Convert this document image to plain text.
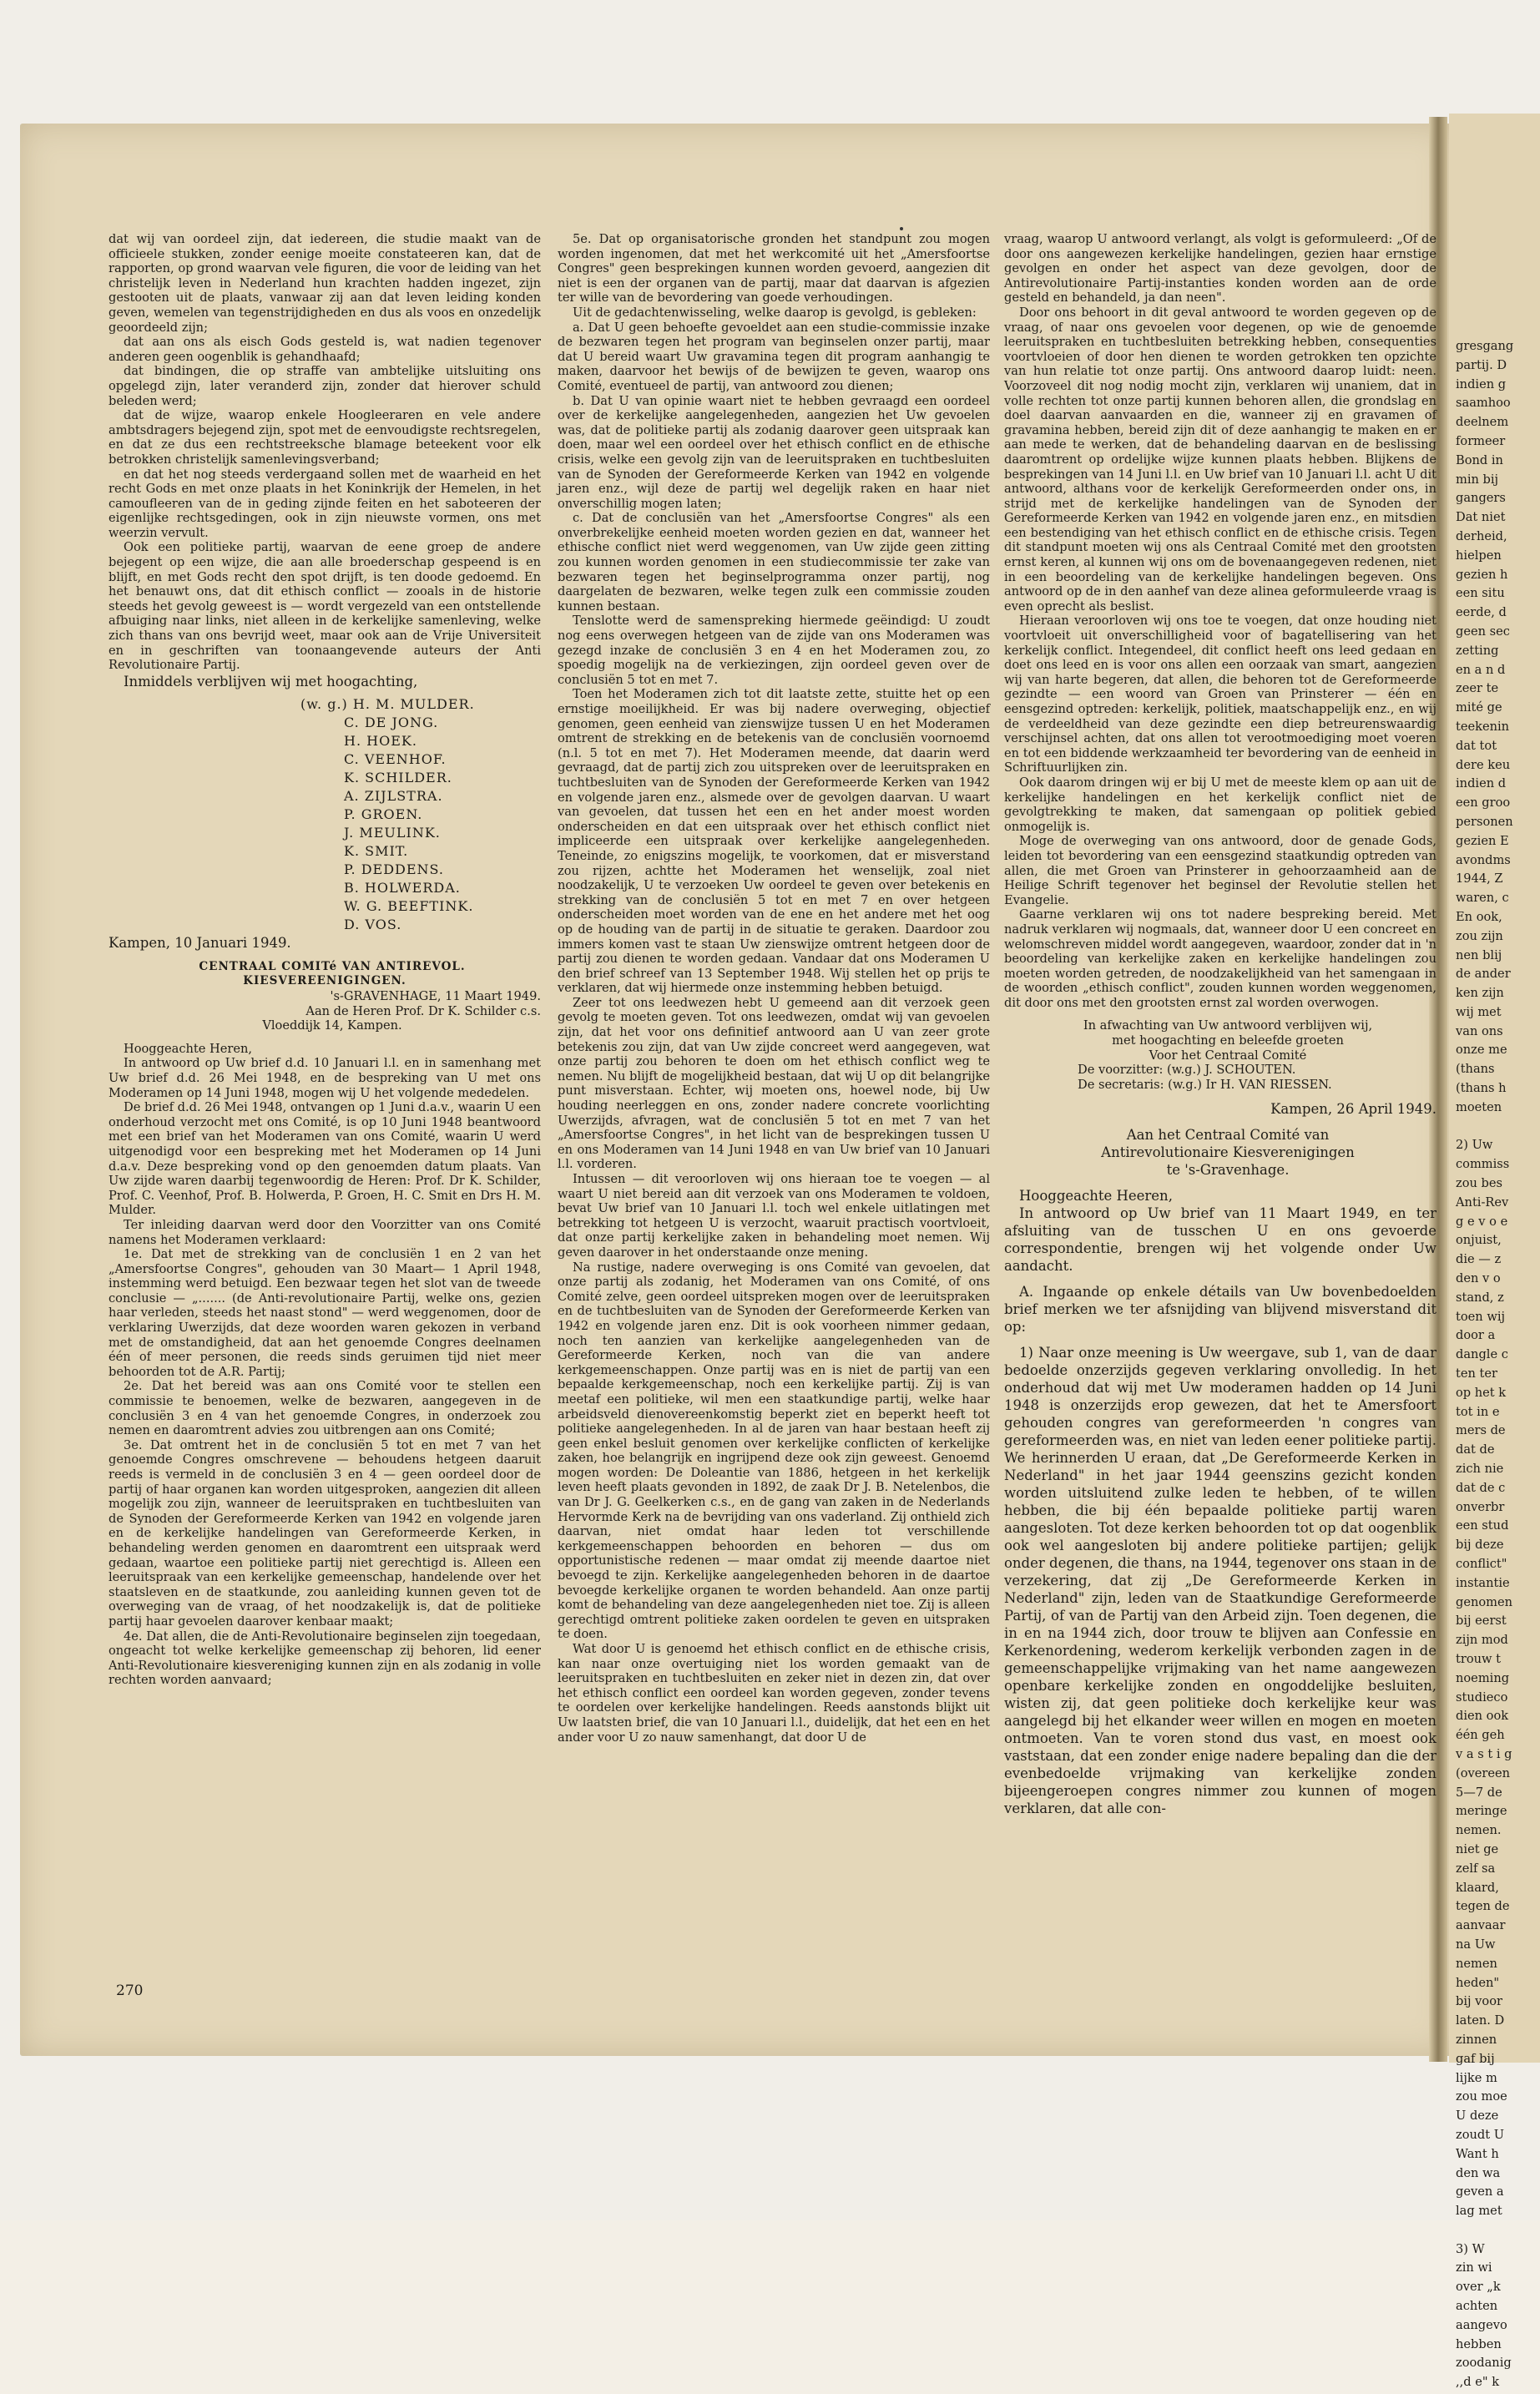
gresgang
partij. D
indien g
saamhoo
deelnem
formeer
Bond in
min bij
gangers
Dat niet
derheid,
hielpen
gezien h
een situ
eerde, d
geen sec
zetting
en a n d
zeer te
mité ge
teekenin
dat tot
dere keu
indien d
een groo
personen
gezien E
avondms
1944, Z
waren, c
En ook,
zou zijn
nen blij
de ander
ken zijn
wij met
van ons
onze me
(thans
(thans h
moeten
2) Uw
commiss
zou bes
Anti-Rev
g e v o e
onjuist,
die — z
den v o
stand, z
toen wij
door a
dangle c
ten ter
op het k
tot in e
mers de
dat de
zich nie
dat de c
onverbr
een stud
bij deze
conflict"
instantie
genomen
bij eerst
zijn mod
trouw t
noeming
studieco
dien ook
één geh
v a s t i g
(overeen
5—7 de
meringe
nemen.
niet ge
zelf sa
klaard,
tegen de
aanvaar
na Uw
nemen
heden"
bij voor
laten. D
zinnen
gaf bij
lijke m
zou moe
U deze
zoudt U
Want h
den wa
geven a
lag met
3) W
zin wi
over „k
achten
aangevo
hebben
zoodanig
,,d e" k

dat wij van oordeel zijn, dat iedereen, die studie maakt van de officieele stukken, zonder eenige moeite constateeren kan, dat de rapporten, op grond waarvan vele figuren, die voor de leiding van het christelijk leven in Nederland hun krachten hadden ingezet, zijn gestooten uit de plaats, vanwaar zij aan dat leven leiding konden geven, wemelen van tegenstrijdigheden en dus als voos en onzedelijk geoordeeld zijn;

dat aan ons als eisch Gods gesteld is, wat nadien tegenover anderen geen oogenblik is gehandhaafd;

dat bindingen, die op straffe van ambtelijke uitsluiting ons opgelegd zijn, later veranderd zijn, zonder dat hierover schuld beleden werd;

dat de wijze, waarop enkele Hoogleeraren en vele andere ambtsdragers bejegend zijn, spot met de eenvoudigste rechtsregelen, en dat ze dus een rechtstreeksche blamage beteekent voor elk betrokken christelijk samenlevingsverband;

en dat het nog steeds verdergaand sollen met de waarheid en het recht Gods en met onze plaats in het Koninkrijk der Hemelen, in het camoufleeren van de in geding zijnde feiten en het saboteeren der eigenlijke rechtsgedingen, ook in zijn nieuwste vormen, ons met weerzin vervult.

Ook een politieke partij, waarvan de eene groep de andere bejegent op een wijze, die aan alle broederschap gespeend is en blijft, en met Gods recht den spot drijft, is ten doode gedoemd. En het benauwt ons, dat dit ethisch conflict — zooals in de historie steeds het gevolg geweest is — wordt vergezeld van een ontstellende afbuiging naar links, niet alleen in de kerkelijke samenleving, welke zich thans van ons bevrijd weet, maar ook aan de Vrije Universiteit en in geschriften van toonaangevende auteurs der Anti Revolutionaire Partij.

Inmiddels verblijven wij met hoogachting,

(w. g.) H. M. MULDER.
C. DE JONG.
H. HOEK.
C. VEENHOF.
K. SCHILDER.
A. ZIJLSTRA.
P. GROEN.
J. MEULINK.
K. SMIT.
P. DEDDENS.
B. HOLWERDA.
W. G. BEEFTINK.
D. VOS.

Kampen, 10 Januari 1949.

CENTRAAL COMITé VAN ANTIREVOL. KIESVEREENIGINGEN.

's-GRAVENHAGE, 11 Maart 1949.

Aan de Heren Prof. Dr K. Schilder c.s.

Vloeddijk 14, Kampen.

Hooggeachte Heren,

In antwoord op Uw brief d.d. 10 Januari l.l. en in samenhang met Uw brief d.d. 26 Mei 1948, en de bespreking van U met ons Moderamen op 14 Juni 1948, mogen wij U het volgende mededelen.

De brief d.d. 26 Mei 1948, ontvangen op 1 Juni d.a.v., waarin U een onderhoud verzocht met ons Comité, is op 10 Juni 1948 beantwoord met een brief van het Moderamen van ons Comité, waarin U werd uitgenodigd voor een bespreking met het Moderamen op 14 Juni d.a.v. Deze bespreking vond op den genoemden datum plaats. Van Uw zijde waren daarbij tegenwoordig de Heren: Prof. Dr K. Schilder, Prof. C. Veenhof, Prof. B. Holwerda, P. Groen, H. C. Smit en Drs H. M. Mulder.

Ter inleiding daarvan werd door den Voorzitter van ons Comité namens het Moderamen verklaard:

1e. Dat met de strekking van de conclusiën 1 en 2 van het „Amersfoortse Congres", gehouden van 30 Maart— 1 April 1948, instemming werd betuigd. Een bezwaar tegen het slot van de tweede conclusie — „....... (de Anti-revolutionaire Partij, welke ons, gezien haar verleden, steeds het naast stond" — werd weggenomen, door de verklaring Uwerzijds, dat deze woorden waren gekozen in verband met de omstandigheid, dat aan het genoemde Congres deelnamen één of meer personen, die reeds sinds geruimen tijd niet meer behoorden tot de A.R. Partij;

2e. Dat het bereid was aan ons Comité voor te stellen een commissie te benoemen, welke de bezwaren, aangegeven in de conclusiën 3 en 4 van het genoemde Congres, in onderzoek zou nemen en daaromtrent advies zou uitbrengen aan ons Comité;

3e. Dat omtrent het in de conclusiën 5 tot en met 7 van het genoemde Congres omschrevene — behoudens hetgeen daaruit reeds is vermeld in de conclusiën 3 en 4 — geen oordeel door de partij of haar organen kan worden uitgesproken, aangezien dit alleen mogelijk zou zijn, wanneer de leeruitspraken en tuchtbesluiten van de Synoden der Gereformeerde Kerken van 1942 en volgende jaren en de kerkelijke handelingen van Gereformeerde Kerken, in behandeling werden genomen en daaromtrent een uitspraak werd gedaan, waartoe een politieke partij niet gerechtigd is. Alleen een leeruitspraak van een kerkelijke gemeenschap, handelende over het staatsleven en de staatkunde, zou aanleiding kunnen geven tot de overweging van de vraag, of het noodzakelijk is, dat de politieke partij haar gevoelen daarover kenbaar maakt;

4e. Dat allen, die de Anti-Revolutionaire beginselen zijn toegedaan, ongeacht tot welke kerkelijke gemeenschap zij behoren, lid eener Anti-Revolutionaire kiesvereniging kunnen zijn en als zodanig in volle rechten worden aanvaard;

5e. Dat op organisatorische gronden het standpunt zou mogen worden ingenomen, dat met het werkcomité uit het „Amersfoortse Congres" geen besprekingen kunnen worden gevoerd, aangezien dit niet is een der organen van de partij, maar dat daarvan is afgezien ter wille van de bevordering van goede verhoudingen.

Uit de gedachtenwisseling, welke daarop is gevolgd, is gebleken:

a. Dat U geen behoefte gevoeldet aan een studie-commissie inzake de bezwaren tegen het program van beginselen onzer partij, maar dat U bereid waart Uw gravamina tegen dit program aanhangig te maken, daarvoor het bewijs of de bewijzen te geven, waarop ons Comité, eventueel de partij, van antwoord zou dienen;

b. Dat U van opinie waart niet te hebben gevraagd een oordeel over de kerkelijke aangelegenheden, aangezien het Uw gevoelen was, dat de politieke partij als zodanig daarover geen uitspraak kan doen, maar wel een oordeel over het ethisch conflict en de ethische crisis, welke een gevolg zijn van de leeruitspraken en tuchtbesluiten van de Synoden der Gereformeerde Kerken van 1942 en volgende jaren enz., wijl deze de partij wel degelijk raken en haar niet onverschillig mogen laten;

c. Dat de conclusiën van het „Amersfoortse Congres" als een onverbrekelijke eenheid moeten worden gezien en dat, wanneer het ethische conflict niet werd weggenomen, van Uw zijde geen zitting zou kunnen worden genomen in een studiecommissie ter zake van bezwaren tegen het beginselprogramma onzer partij, nog daargelaten de bezwaren, welke tegen zulk een commissie zouden kunnen bestaan.

Tenslotte werd de samenspreking hiermede geëindigd: U zoudt nog eens overwegen hetgeen van de zijde van ons Moderamen was gezegd inzake de conclusiën 3 en 4 en het Moderamen zou, zo spoedig mogelijk na de verkiezingen, zijn oordeel geven over de conclusiën 5 tot en met 7.

Toen het Moderamen zich tot dit laatste zette, stuitte het op een ernstige moeilijkheid. Er was bij nadere overweging, objectief genomen, geen eenheid van zienswijze tussen U en het Moderamen omtrent de strekking en de betekenis van de conclusiën voornoemd (n.l. 5 tot en met 7). Het Moderamen meende, dat daarin werd gevraagd, dat de partij zich zou uitspreken over de leeruitspraken en tuchtbesluiten van de Synoden der Gereformeerde Kerken van 1942 en volgende jaren enz., alsmede over de gevolgen daarvan. U waart van gevoelen, dat tussen het een en het ander moest worden onderscheiden en dat een uitspraak over het ethisch conflict niet impliceerde een uitspraak over kerkelijke aangelegenheden. Teneinde, zo enigszins mogelijk, te voorkomen, dat er misverstand zou rijzen, achtte het Moderamen het wenselijk, zoal niet noodzakelijk, U te verzoeken Uw oordeel te geven over betekenis en strekking van de conclusiën 5 tot en met 7 en over hetgeen onderscheiden moet worden van de ene en het andere met het oog op de houding van de partij in de situatie te geraken. Daardoor zou immers komen vast te staan Uw zienswijze omtrent hetgeen door de partij zou dienen te worden gedaan. Vandaar dat ons Moderamen U den brief schreef van 13 September 1948. Wij stellen het op prijs te verklaren, dat wij hiermede onze instemming hebben betuigd.

Zeer tot ons leedwezen hebt U gemeend aan dit verzoek geen gevolg te moeten geven. Tot ons leedwezen, omdat wij van gevoelen zijn, dat het voor ons definitief antwoord aan U van zeer grote betekenis zou zijn, dat van Uw zijde concreet werd aangegeven, wat onze partij zou behoren te doen om het ethisch conflict weg te nemen. Nu blijft de mogelijkheid bestaan, dat wij U op dit belangrijke punt misverstaan. Echter, wij moeten ons, hoewel node, bij Uw houding neerleggen en ons, zonder nadere concrete voorlichting Uwerzijds, afvragen, wat de conclusiën 5 tot en met 7 van het „Amersfoortse Congres", in het licht van de besprekingen tussen U en ons Moderamen van 14 Juni 1948 en van Uw brief van 10 Januari l.l. vorderen.

Intussen — dit veroorloven wij ons hieraan toe te voegen — al waart U niet bereid aan dit verzoek van ons Moderamen te voldoen, bevat Uw brief van 10 Januari l.l. toch wel enkele uitlatingen met betrekking tot hetgeen U is verzocht, waaruit practisch voortvloeit, dat onze partij kerkelijke zaken in behandeling moet nemen. Wij geven daarover in het onderstaande onze mening.

Na rustige, nadere overweging is ons Comité van gevoelen, dat onze partij als zodanig, het Moderamen van ons Comité, of ons Comité zelve, geen oordeel uitspreken mogen over de leeruitspraken en de tuchtbesluiten van de Synoden der Gereformeerde Kerken van 1942 en volgende jaren enz. Dit is ook voorheen nimmer gedaan, noch ten aanzien van kerkelijke aangelegenheden van de Gereformeerde Kerken, noch van die van andere kerkgemeenschappen. Onze partij was en is niet de partij van een bepaalde kerkgemeenschap, noch een kerkelijke partij. Zij is van meetaf een politieke, wil men een staatkundige partij, welke haar arbeidsveld dienovereenkomstig beperkt ziet en beperkt heeft tot politieke aangelegenheden. In al de jaren van haar bestaan heeft zij geen enkel besluit genomen over kerkelijke conflicten of kerkelijke zaken, hoe belangrijk en ingrijpend deze ook zijn geweest. Genoemd mogen worden: De Doleantie van 1886, hetgeen in het kerkelijk leven heeft plaats gevonden in 1892, de zaak Dr J. B. Netelenbos, die van Dr J. G. Geelkerken c.s., en de gang van zaken in de Nederlands Hervormde Kerk na de bevrijding van ons vaderland. Zij onthield zich daarvan, niet omdat haar leden tot verschillende kerkgemeenschappen behoorden en behoren — dus om opportunistische redenen — maar omdat zij meende daartoe niet bevoegd te zijn. Kerkelijke aangelegenheden behoren in de daartoe bevoegde kerkelijke organen te worden behandeld. Aan onze partij komt de behandeling van deze aangelegenheden niet toe. Zij is alleen gerechtigd omtrent politieke zaken oordelen te geven en uitspraken te doen.

Wat door U is genoemd het ethisch conflict en de ethische crisis, kan naar onze overtuiging niet los worden gemaakt van de leeruitspraken en tuchtbesluiten en zeker niet in dezen zin, dat over het ethisch conflict een oordeel kan worden gegeven, zonder tevens te oordelen over kerkelijke handelingen. Reeds aanstonds blijkt uit Uw laatsten brief, die van 10 Januari l.l., duidelijk, dat het een en het ander voor U zo nauw samenhangt, dat door U de

vraag, waarop U antwoord verlangt, als volgt is geformuleerd: „Of de door ons aangewezen kerkelijke handelingen, gezien haar ernstige gevolgen en onder het aspect van deze gevolgen, door de Antirevolutionaire Partij-instanties konden worden aan de orde gesteld en behandeld, ja dan neen".

Door ons behoort in dit geval antwoord te worden gegeven op de vraag, of naar ons gevoelen voor degenen, op wie de genoemde leeruitspraken en tuchtbesluiten betrekking hebben, consequenties voortvloeien of door hen dienen te worden getrokken ten opzichte van hun relatie tot onze partij. Ons antwoord daarop luidt: neen. Voorzoveel dit nog nodig mocht zijn, verklaren wij unaniem, dat in volle rechten tot onze partij kunnen behoren allen, die grondslag en doel daarvan aanvaarden en die, wanneer zij en gravamen of gravamina hebben, bereid zijn dit of deze aanhangig te maken en er aan mede te werken, dat de behandeling daarvan en de beslissing daaromtrent op ordelijke wijze kunnen plaats hebben. Blijkens de besprekingen van 14 Juni l.l. en Uw brief van 10 Januari l.l. acht U dit antwoord, althans voor de kerkelijk Gereformeerden onder ons, in strijd met de kerkelijke handelingen van de Synoden der Gereformeerde Kerken van 1942 en volgende jaren enz., en mitsdien een bestendiging van het ethisch conflict en de ethische crisis. Tegen dit standpunt moeten wij ons als Centraal Comité met den grootsten ernst keren, al kunnen wij ons om de bovenaangegeven redenen, niet in een beoordeling van de kerkelijke handelingen begeven. Ons antwoord op de in den aanhef van deze alinea geformuleerde vraag is even oprecht als beslist.

Hieraan veroorloven wij ons toe te voegen, dat onze houding niet voortvloeit uit onverschilligheid voor of bagatellisering van het kerkelijk conflict. Integendeel, dit conflict heeft ons leed gedaan en doet ons leed en is voor ons allen een oorzaak van smart, aangezien wij van harte begeren, dat allen, die behoren tot de Gereformeerde gezindte — een woord van Groen van Prinsterer — één en eensgezind optreden: kerkelijk, politiek, maatschappelijk enz., en wij de verdeeldheid van deze gezindte een diep betreurenswaardig verschijnsel achten, dat ons allen tot verootmoediging moet voeren en tot een biddende werkzaamheid ter bevordering van de eenheid in Schriftuurlijken zin.

Ook daarom dringen wij er bij U met de meeste klem op aan uit de kerkelijke handelingen en het kerkelijk conflict niet de gevolgtrekking te maken, dat samengaan op politiek gebied onmogelijk is.

Moge de overweging van ons antwoord, door de genade Gods, leiden tot bevordering van een eensgezind staatkundig optreden van allen, die met Groen van Prinsterer in gehoorzaamheid aan de Heilige Schrift tegenover het beginsel der Revolutie stellen het Evangelie.

Gaarne verklaren wij ons tot nadere bespreking bereid. Met nadruk verklaren wij nogmaals, dat, wanneer door U een concreet en welomschreven middel wordt aangegeven, waardoor, zonder dat in 'n beoordeling van kerkelijke zaken en kerkelijke handelingen zou moeten worden getreden, de noodzakelijkheid van het samengaan in de woorden „ethisch conflict", zouden kunnen worden weggenomen, dit door ons met den grootsten ernst zal worden overwogen.

In afwachting van Uw antwoord verblijven wij,

met hoogachting en beleefde groeten

Voor het Centraal Comité

De voorzitter: (w.g.) J. SCHOUTEN.

De secretaris: (w.g.) Ir H. VAN RIESSEN.

Kampen, 26 April 1949.

Aan het Centraal Comité van

Antirevolutionaire Kiesverenigingen

te 's-Gravenhage.

Hooggeachte Heeren,

In antwoord op Uw brief van 11 Maart 1949, en ter afsluiting van de tusschen U en ons gevoerde correspondentie, brengen wij het volgende onder Uw aandacht.

A. Ingaande op enkele détails van Uw bovenbedoelden brief merken we ter afsnijding van blijvend misverstand dit op:

1) Naar onze meening is Uw weergave, sub 1, van de daar bedoelde onzerzijds gegeven verklaring onvolledig. In het onderhoud dat wij met Uw moderamen hadden op 14 Juni 1948 is onzerzijds erop gewezen, dat het te Amersfoort gehouden congres van gereformeerden 'n congres van gereformeerden was, en niet van leden eener politieke partij. We herinnerden U eraan, dat „De Gereformeerde Kerken in Nederland" in het jaar 1944 geenszins gezicht konden worden uitsluitend zulke leden te hebben, of te willen hebben, die bij één bepaalde politieke partij waren aangesloten. Tot deze kerken behoorden tot op dat oogenblik ook wel aangesloten bij andere politieke partijen; gelijk onder degenen, die thans, na 1944, tegenover ons staan in de verzekering, dat zij „De Gereformeerde Kerken in Nederland" zijn, leden van de Staatkundige Gereformeerde Partij, of van de Partij van den Arbeid zijn. Toen degenen, die in en na 1944 zich, door trouw te blijven aan Confessie en Kerkenordening, wederom kerkelijk verbonden zagen in de gemeenschappelijke vrijmaking van het name aangewezen openbare kerkelijke zonden en ongoddelijke besluiten, wisten zij, dat geen politieke doch kerkelijke keur was aangelegd bij het elkander weer willen en mogen en moeten ontmoeten. Van te voren stond dus vast, en moest ook vaststaan, dat een zonder enige nadere bepaling dan die der evenbedoelde vrijmaking van kerkelijke zonden bijeengeroepen congres nimmer zou kunnen of mogen verklaren, dat alle con-

270
